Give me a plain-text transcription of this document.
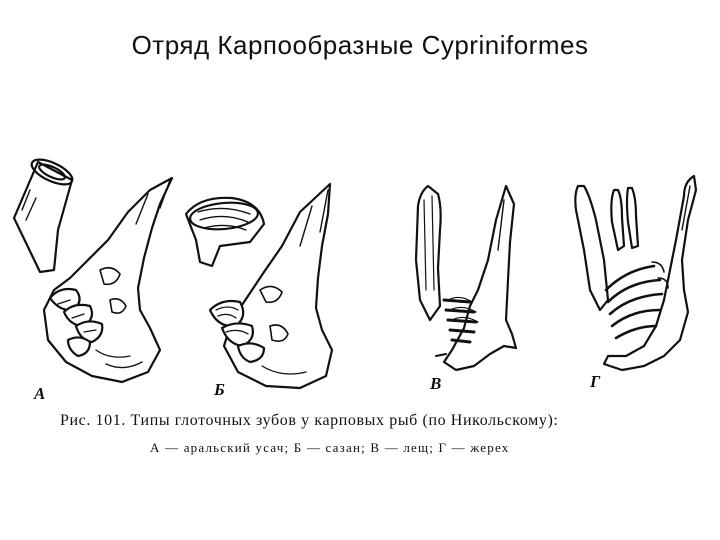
Отряд Карпообразные Cypriniformes
А	Б	В	Г
Рис. 101. Типы глоточных зубов у карповых рыб (по Никольскому):
А — аральский усач; Б — сазан; В — лещ; Г — жерех
